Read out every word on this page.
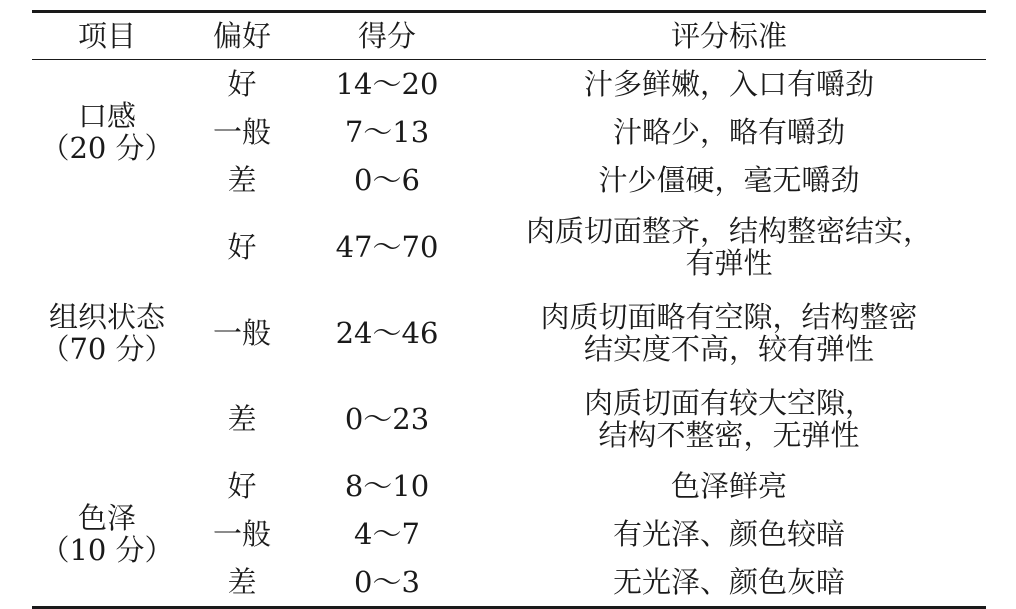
项目	偏好	得分	评分标准

口感
（20 分）	好	14～20	汁多鲜嫩，入口有嚼劲

	一般	7～13	汁略少，略有嚼劲

	差	0～6	汁少僵硬，毫无嚼劲

组织状态
（70 分）	好	47～70	肉质切面整齐，结构整密结实，
有弹性

	一般	24～46	肉质切面略有空隙，结构整密
结实度不高，较有弹性

	差	0～23	肉质切面有较大空隙，
结构不整密，无弹性

色泽
（10 分）	好	8～10	色泽鲜亮

	一般	4～7	有光泽、颜色较暗

	差	0～3	无光泽、颜色灰暗
